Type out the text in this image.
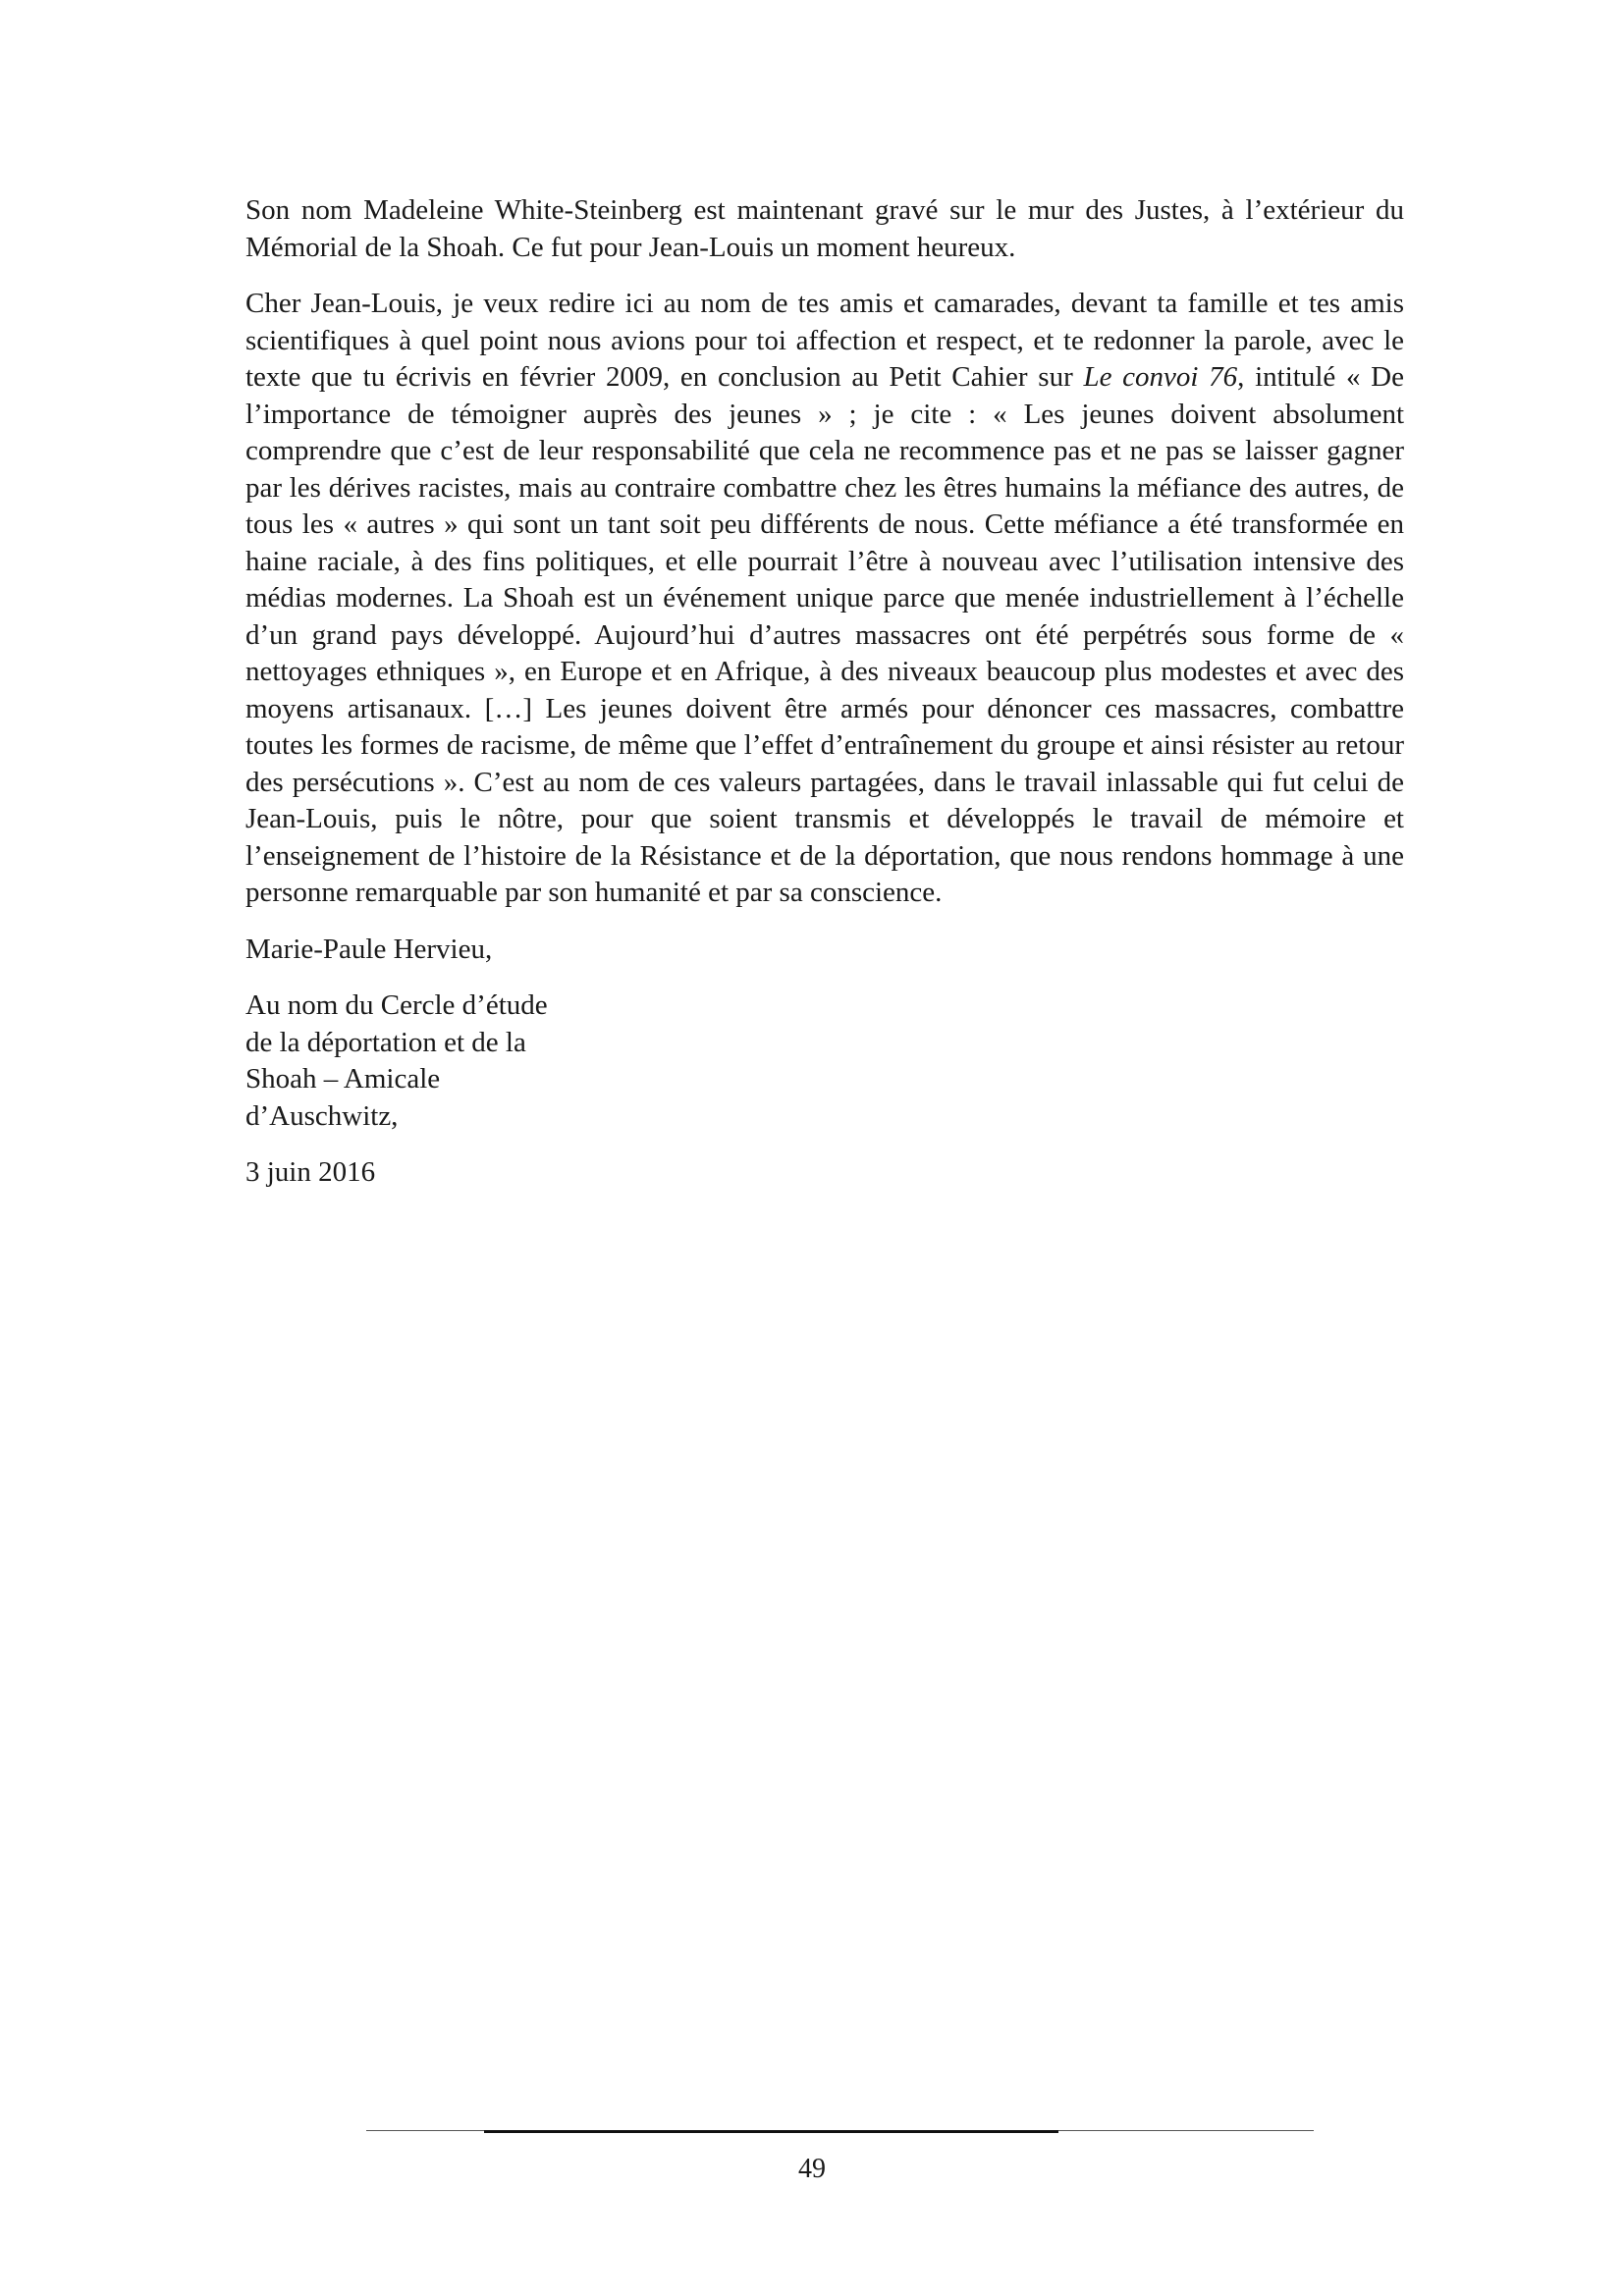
Son nom Madeleine White-Steinberg est maintenant gravé sur le mur des Justes, à l’extérieur du Mémorial de la Shoah. Ce fut pour Jean-Louis un moment heureux.

Cher Jean-Louis, je veux redire ici au nom de tes amis et camarades, devant ta famille et tes amis scientifiques à quel point nous avions pour toi affection et respect, et te redonner la parole, avec le texte que tu écrivis en février 2009, en conclusion au Petit Cahier sur Le convoi 76, intitulé « De l’importance de témoigner auprès des jeunes » ; je cite : « Les jeunes doivent absolument comprendre que c’est de leur responsabilité que cela ne recommence pas et ne pas se laisser gagner par les dérives racistes, mais au contraire combattre chez les êtres humains la méfiance des autres, de tous les « autres » qui sont un tant soit peu différents de nous. Cette méfiance a été transformée en haine raciale, à des fins politiques, et elle pourrait l’être à nouveau avec l’utilisation intensive des médias modernes. La Shoah est un événement unique parce que menée industriellement à l’échelle d’un grand pays développé. Aujourd’hui d’autres massacres ont été perpétrés sous forme de « nettoyages ethniques », en Europe et en Afrique, à des niveaux beaucoup plus modestes et avec des moyens artisanaux. […] Les jeunes doivent être armés pour dénoncer ces massacres, combattre toutes les formes de racisme, de même que l’effet d’entraînement du groupe et ainsi résister au retour des persécutions ». C’est au nom de ces valeurs partagées, dans le travail inlassable qui fut celui de Jean-Louis, puis le nôtre, pour que soient transmis et développés le travail de mémoire et l’enseignement de l’histoire de la Résistance et de la déportation, que nous rendons hommage à une personne remarquable par son humanité et par sa conscience.

Marie-Paule Hervieu,

Au nom du Cercle d’étude
de la déportation et de la
Shoah – Amicale
d’Auschwitz,

3 juin 2016

49
